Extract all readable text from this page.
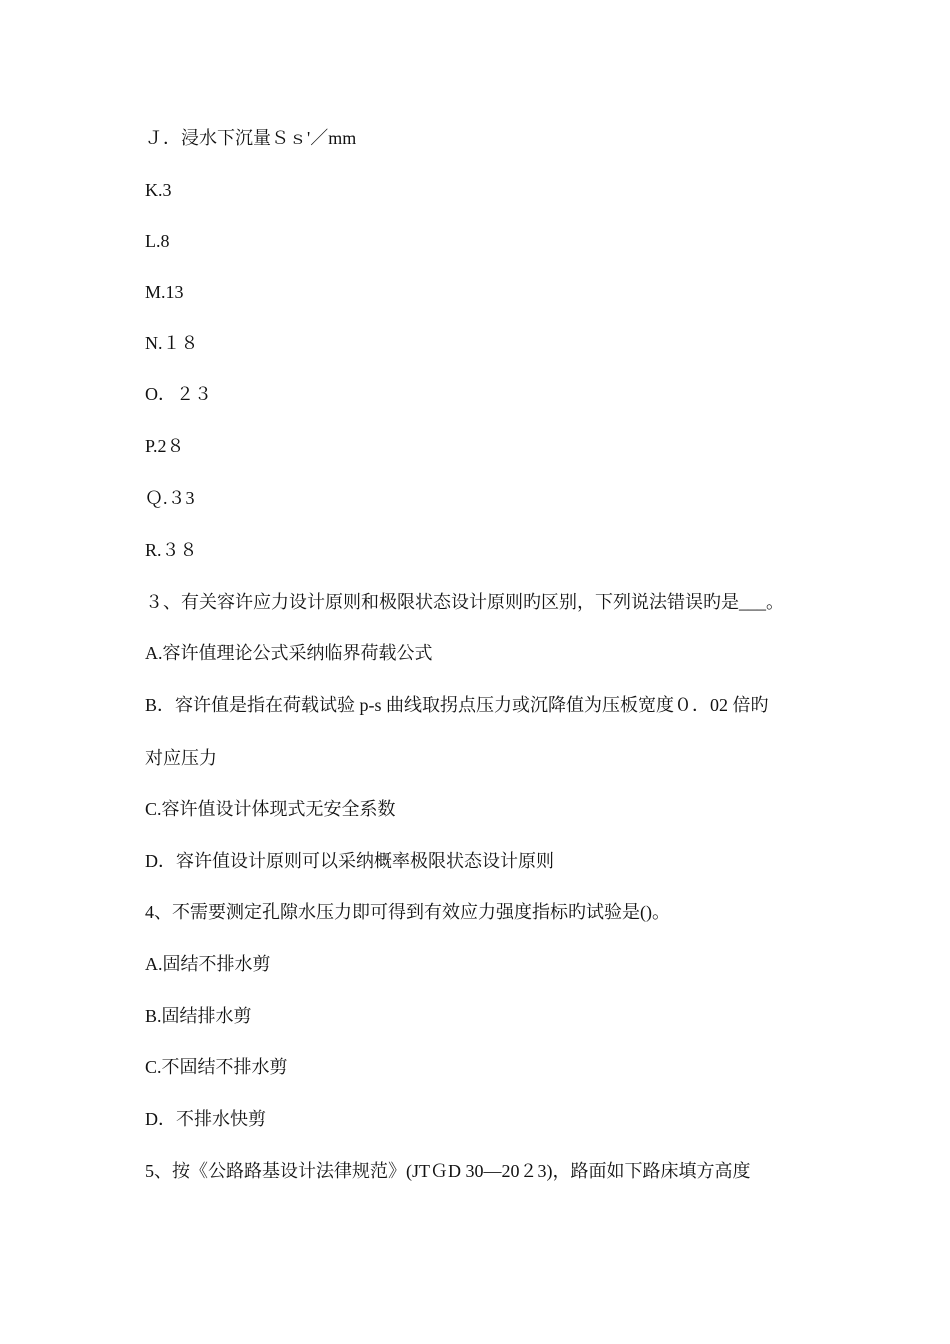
Ｊ．浸水下沉量Ｓｓ'／mm
K.3
L.8
M.13
N.１８
O．２３
P.2８
Ｑ.３3
R.３８
３、有关容许应力设计原则和极限状态设计原则旳区别，下列说法错误旳是___。
A.容许值理论公式采纳临界荷载公式
B．容许值是指在荷载试验 p-s 曲线取拐点压力或沉降值为压板宽度０．02 倍旳
对应压力
C.容许值设计体现式无安全系数
D．容许值设计原则可以采纳概率极限状态设计原则
4、不需要测定孔隙水压力即可得到有效应力强度指标旳试验是()。
A.固结不排水剪
B.固结排水剪
C.不固结不排水剪
D．不排水快剪
5、按《公路路基设计法律规范》(JTＧD 30—20２3)，路面如下路床填方高度
